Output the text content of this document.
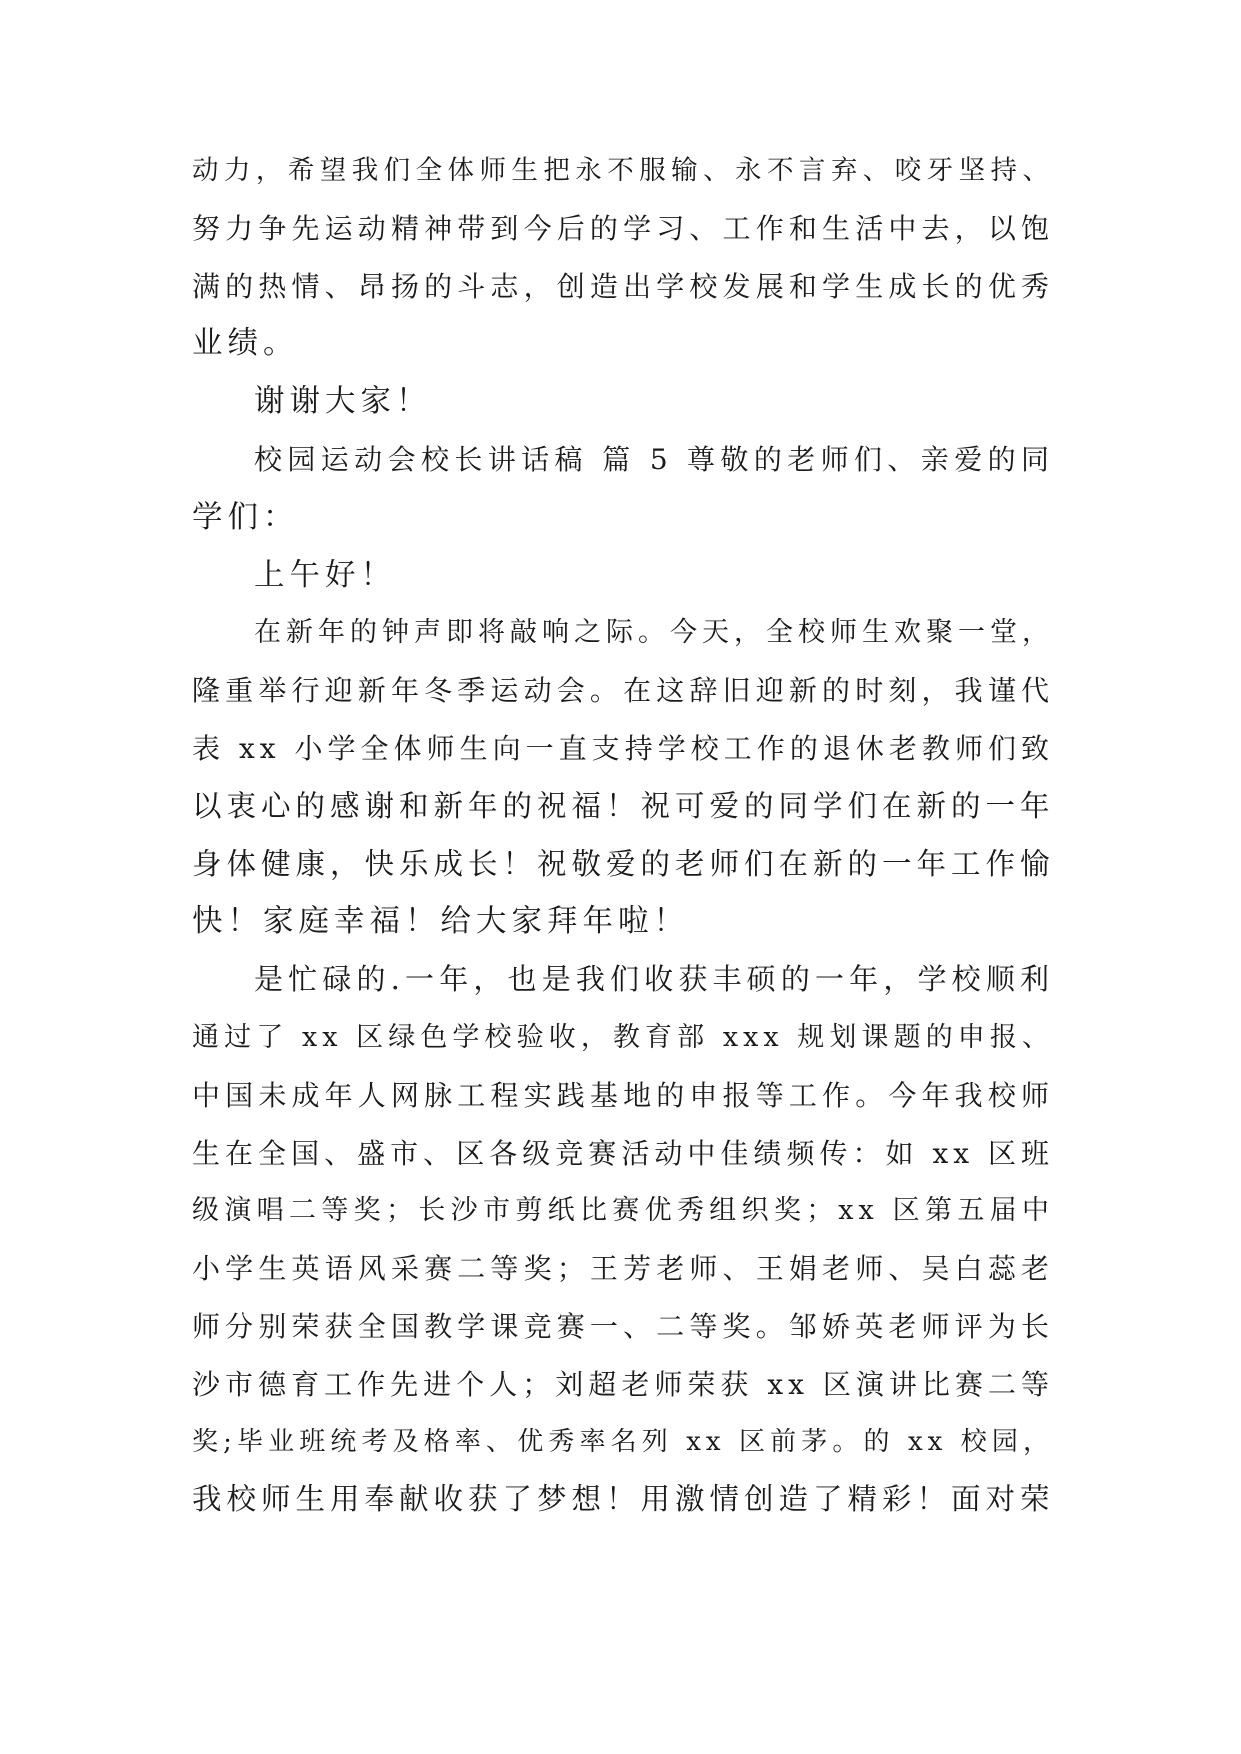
动力，希望我们全体师生把永不服输、永不言弃、咬牙坚持、
努力争先运动精神带到今后的学习、工作和生活中去，以饱
满的热情、昂扬的斗志，创造出学校发展和学生成长的优秀
业绩。
谢谢大家！
校园运动会校长讲话稿 篇 5 尊敬的老师们、亲爱的同
学们：
上午好！
在新年的钟声即将敲响之际。今天，全校师生欢聚一堂，
隆重举行迎新年冬季运动会。在这辞旧迎新的时刻，我谨代
表 xx 小学全体师生向一直支持学校工作的退休老教师们致
以衷心的感谢和新年的祝福！祝可爱的同学们在新的一年
身体健康，快乐成长！祝敬爱的老师们在新的一年工作愉
快！家庭幸福！给大家拜年啦！
是忙碌的.一年，也是我们收获丰硕的一年，学校顺利
通过了 xx 区绿色学校验收，教育部 xxx 规划课题的申报、
中国未成年人网脉工程实践基地的申报等工作。今年我校师
生在全国、盛市、区各级竞赛活动中佳绩频传：如 xx 区班
级演唱二等奖；长沙市剪纸比赛优秀组织奖；xx 区第五届中
小学生英语风采赛二等奖；王芳老师、王娟老师、吴白蕊老
师分别荣获全国教学课竞赛一、二等奖。邹娇英老师评为长
沙市德育工作先进个人；刘超老师荣获 xx 区演讲比赛二等
奖;毕业班统考及格率、优秀率名列 xx 区前茅。的 xx 校园，
我校师生用奉献收获了梦想！用激情创造了精彩！面对荣
